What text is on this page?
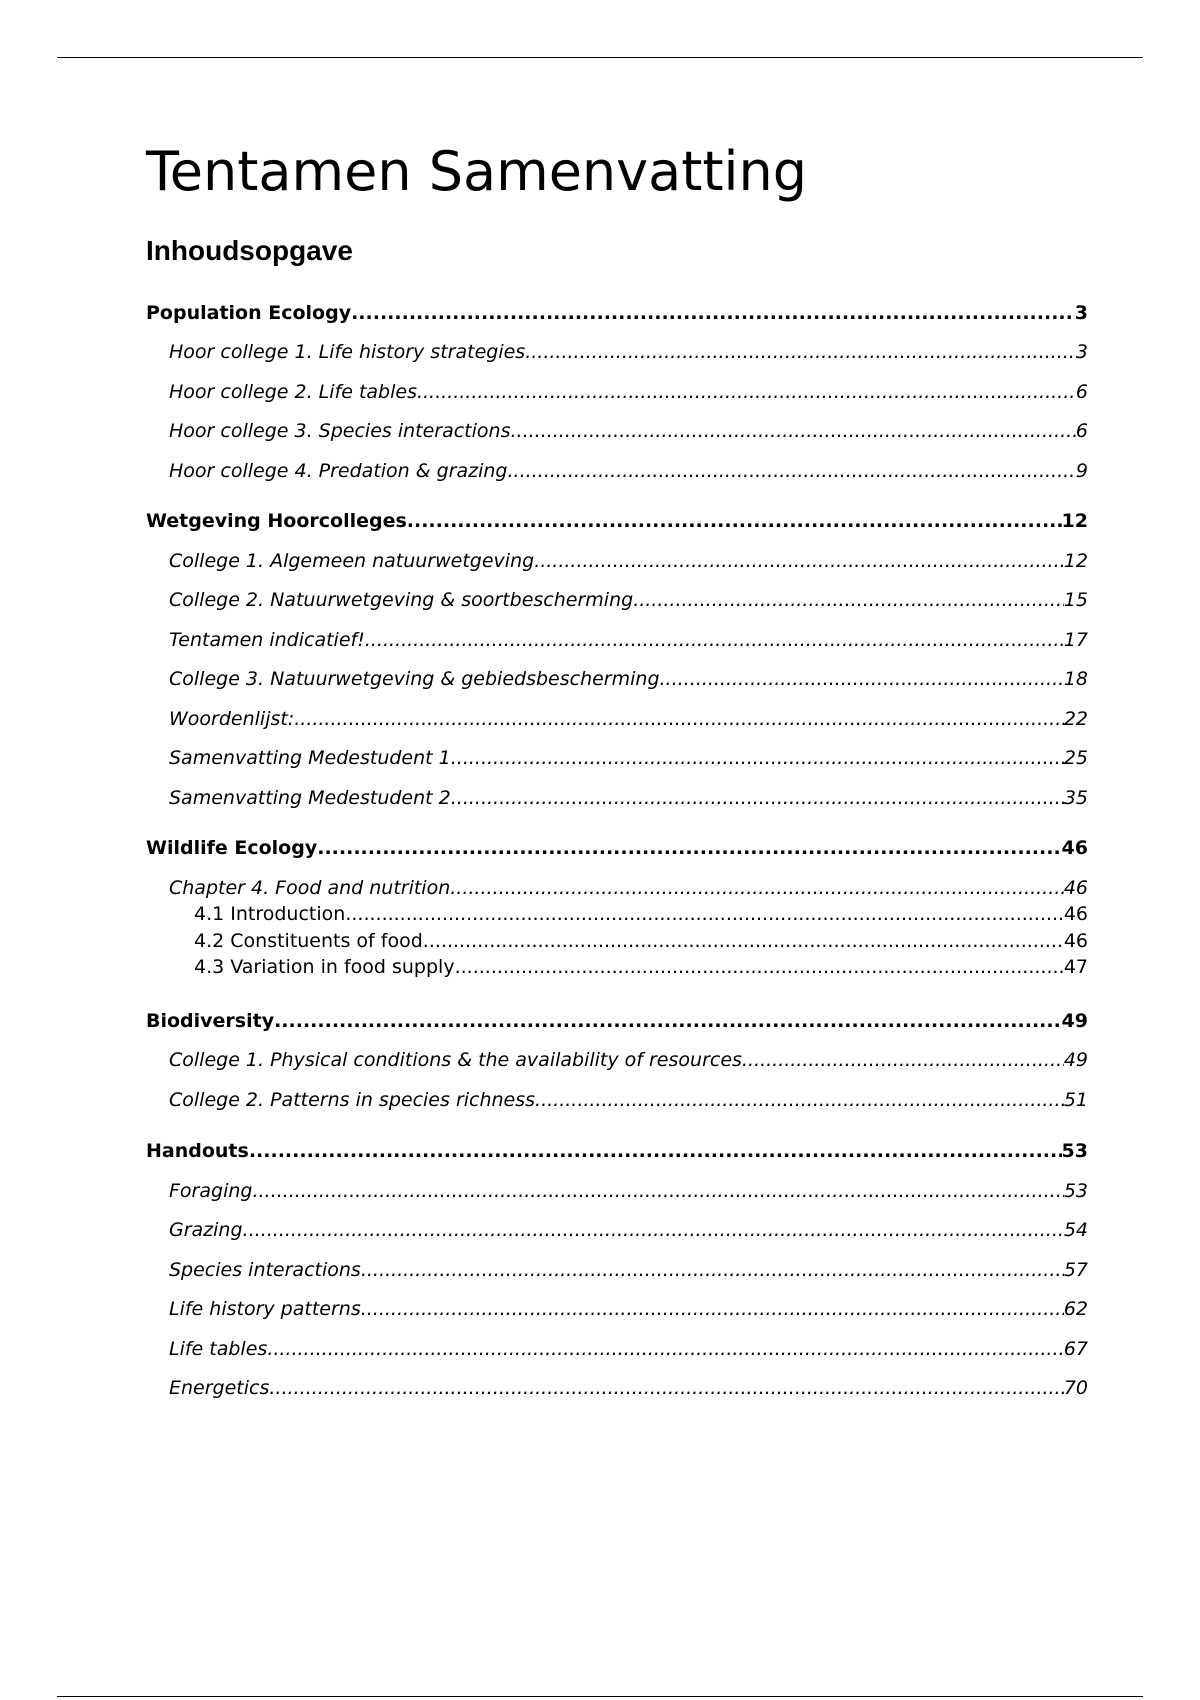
Tentamen Samenvatting
Inhoudsopgave
Population Ecology .....	3
Hoor college 1. Life history strategies .....	3
Hoor college 2. Life tables .....	6
Hoor college 3. Species interactions .....	6
Hoor college 4. Predation & grazing .....	9
Wetgeving Hoorcolleges .....	12
College 1. Algemeen natuurwetgeving .....	12
College 2. Natuurwetgeving & soortbescherming .....	15
Tentamen indicatief! .....	17
College 3. Natuurwetgeving & gebiedsbescherming .....	18
Woordenlijst: .....	22
Samenvatting Medestudent 1 .....	25
Samenvatting Medestudent 2 .....	35
Wildlife Ecology .....	46
Chapter 4. Food and nutrition .....	46
4.1 Introduction .....	46
4.2 Constituents of food .....	46
4.3 Variation in food supply .....	47
Biodiversity .....	49
College 1. Physical conditions & the availability of resources .....	49
College 2. Patterns in species richness .....	51
Handouts .....	53
Foraging .....	53
Grazing .....	54
Species interactions .....	57
Life history patterns .....	62
Life tables .....	67
Energetics .....	70
